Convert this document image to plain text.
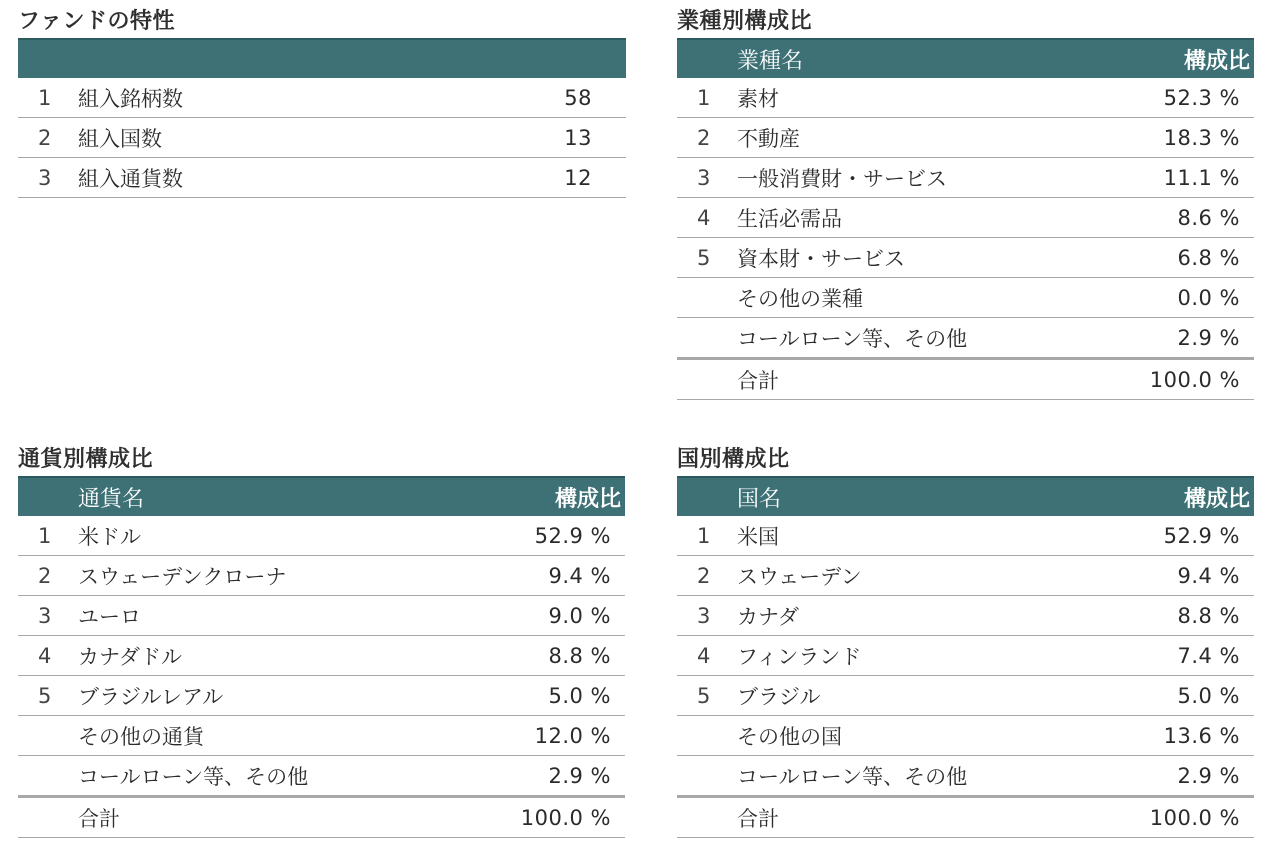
ファンドの特性
1	組入銘柄数	58
2	組入国数	13
3	組入通貨数	12
業種別構成比
業種名	構成比
1	素材	52.3 %
2	不動産	18.3 %
3	一般消費財・サービス	11.1 %
4	生活必需品	8.6 %
5	資本財・サービス	6.8 %
その他の業種	0.0 %
コールローン等、その他	2.9 %
合計	100.0 %
通貨別構成比
通貨名	構成比
1	米ドル	52.9 %
2	スウェーデンクローナ	9.4 %
3	ユーロ	9.0 %
4	カナダドル	8.8 %
5	ブラジルレアル	5.0 %
その他の通貨	12.0 %
コールローン等、その他	2.9 %
合計	100.0 %
国別構成比
国名	構成比
1	米国	52.9 %
2	スウェーデン	9.4 %
3	カナダ	8.8 %
4	フィンランド	7.4 %
5	ブラジル	5.0 %
その他の国	13.6 %
コールローン等、その他	2.9 %
合計	100.0 %
